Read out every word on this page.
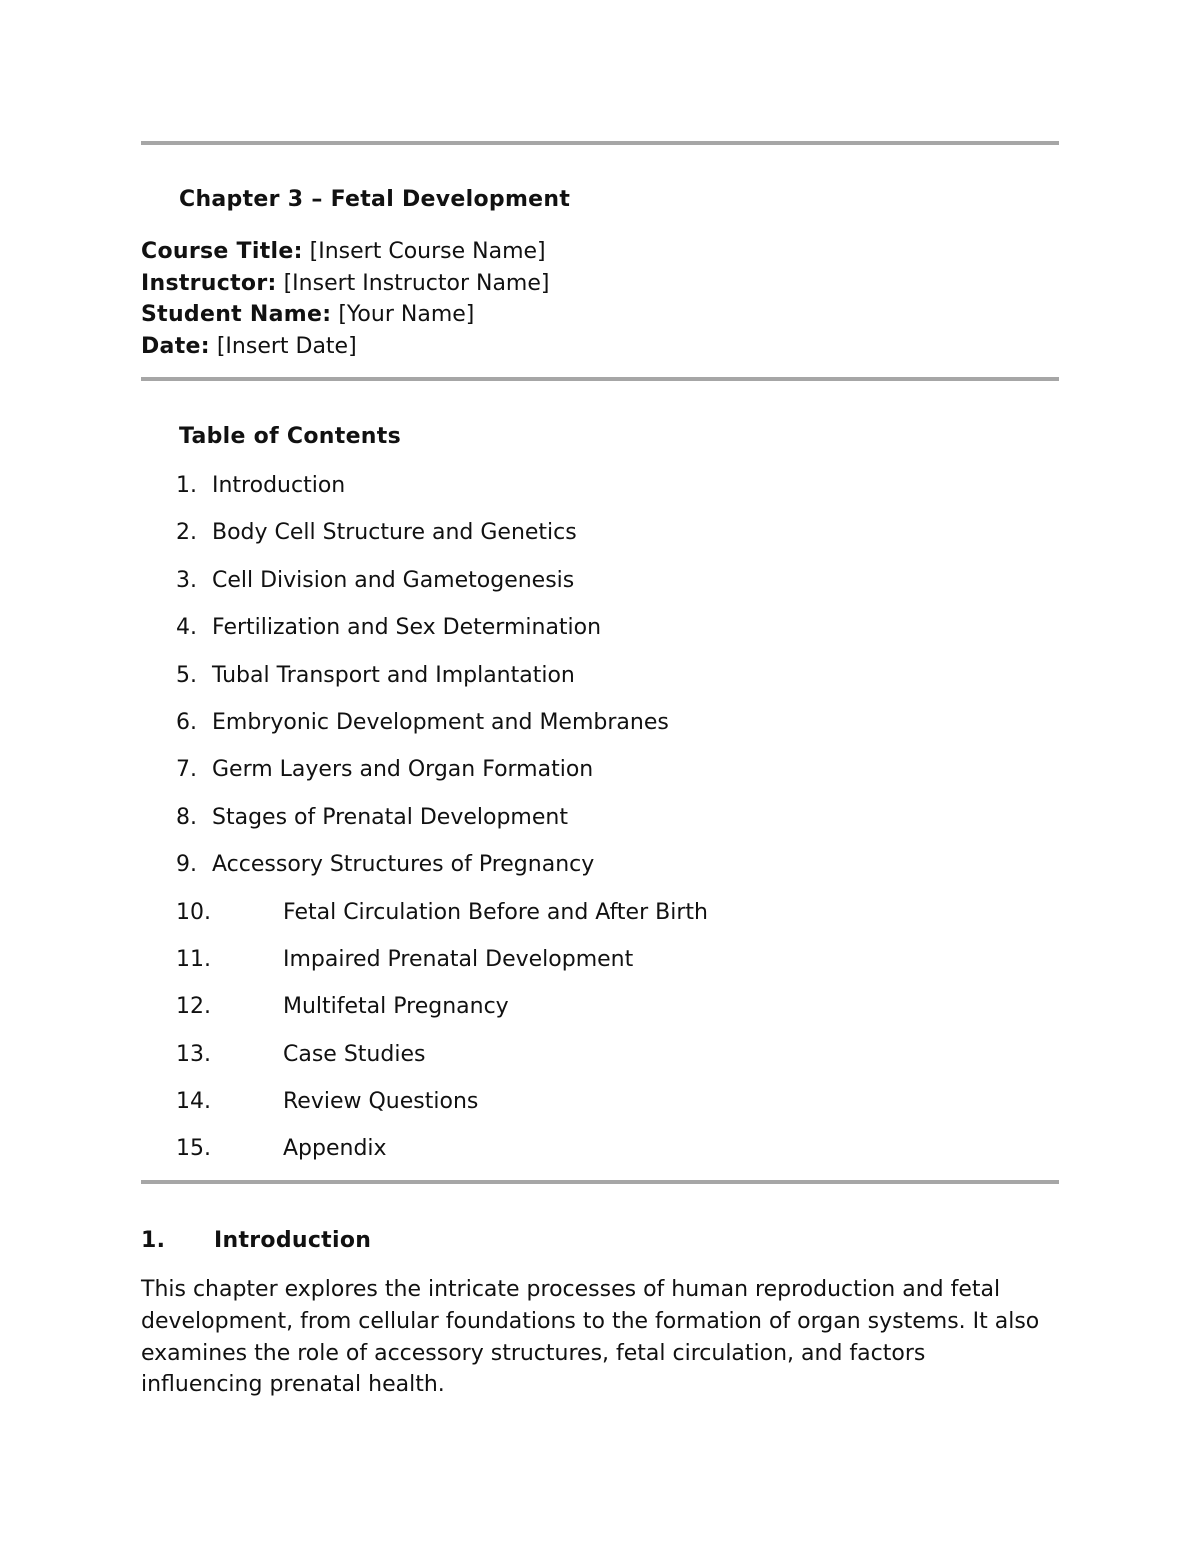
Chapter 3 – Fetal Development
Course Title: [Insert Course Name]
Instructor: [Insert Instructor Name]
Student Name: [Your Name]
Date: [Insert Date]
Table of Contents
1. Introduction
2. Body Cell Structure and Genetics
3. Cell Division and Gametogenesis
4. Fertilization and Sex Determination
5. Tubal Transport and Implantation
6. Embryonic Development and Membranes
7. Germ Layers and Organ Formation
8. Stages of Prenatal Development
9. Accessory Structures of Pregnancy
10.	Fetal Circulation Before and After Birth
11.	Impaired Prenatal Development
12.	Multifetal Pregnancy
13.	Case Studies
14.	Review Questions
15.	Appendix
1.	Introduction

This chapter explores the intricate processes of human reproduction and fetal development, from cellular foundations to the formation of organ systems. It also examines the role of accessory structures, fetal circulation, and factors influencing prenatal health.
